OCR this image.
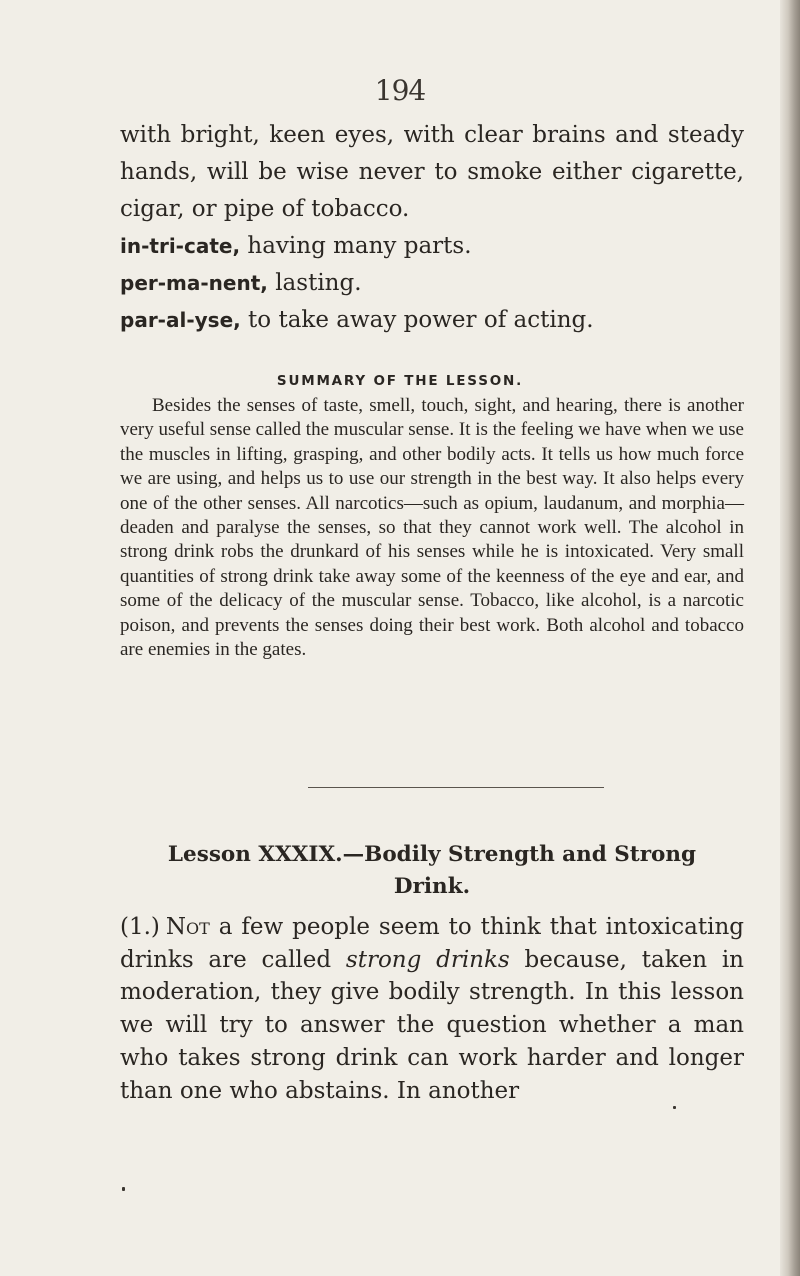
194

with bright, keen eyes, with clear brains and steady

hands, will be wise never to smoke either cigarette,

cigar, or pipe of tobacco.

in-tri-cate, having many parts.
per-ma-nent, lasting.
par-al-yse, to take away power of acting.
SUMMARY OF THE LESSON.

Besides the senses of taste, smell, touch, sight, and hearing, there is another very useful sense called the muscular sense. It is the feeling we have when we use the muscles in lifting, grasping, and other bodily acts. It tells us how much force we are using, and helps us to use our strength in the best way. It also helps every one of the other senses. All narcotics—such as opium, laudanum, and morphia—deaden and paralyse the senses, so that they cannot work well. The alcohol in strong drink robs the drunkard of his senses while he is intoxicated. Very small quantities of strong drink take away some of the keenness of the eye and ear, and some of the delicacy of the muscular sense. Tobacco, like alcohol, is a narcotic poison, and prevents the senses doing their best work. Both alcohol and tobacco are enemies in the gates.

Lesson XXXIX.—Bodily Strength and Strong
Drink.

(1.) Not a few people seem to think that intoxicating drinks are called strong drinks because, taken in moderation, they give bodily strength. In this lesson we will try to answer the question whether a man who takes strong drink can work harder and longer than one who abstains. In another
